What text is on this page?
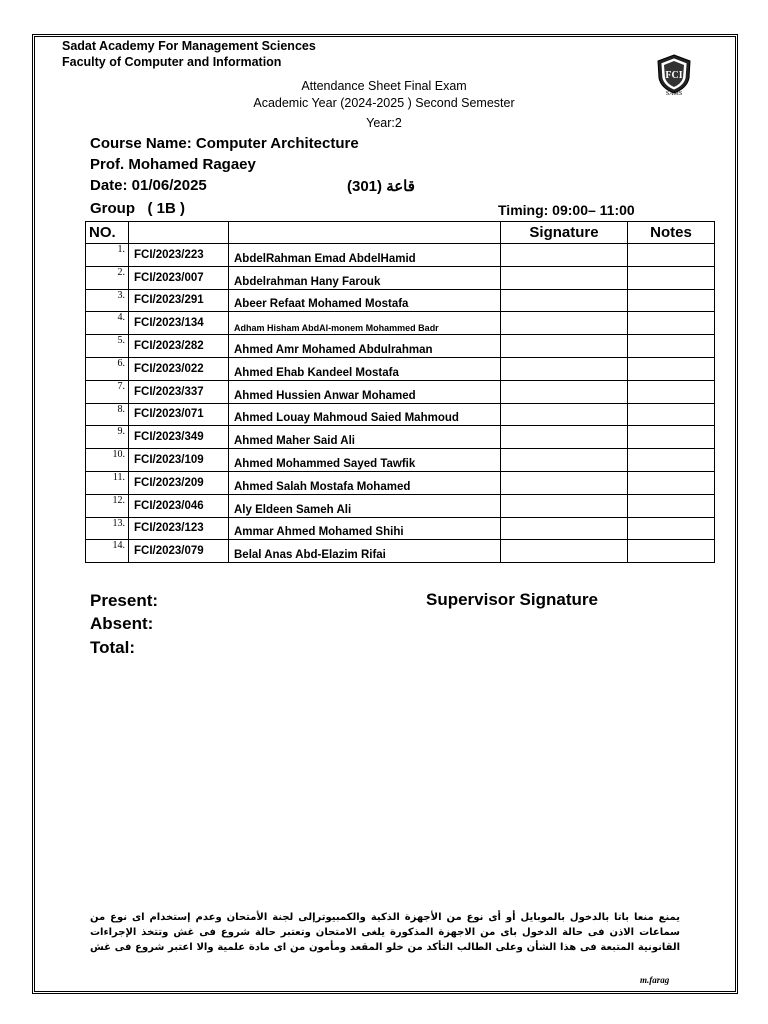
Sadat Academy For Management Sciences
Faculty of Computer and Information
FCI
SAMS
Attendance Sheet Final Exam
Academic Year (2024-2025 ) Second Semester
Year:2
Course Name: Computer Architecture
Prof. Mohamed Ragaey
Date: 01/06/2025	قاعة (301)
Group   ( 1B )	Timing: 09:00– 11:00
NO.			Signature	Notes
1.	FCI/2023/223	AbdelRahman Emad AbdelHamid		
2.	FCI/2023/007	Abdelrahman Hany Farouk		
3.	FCI/2023/291	Abeer Refaat Mohamed Mostafa		
4.	FCI/2023/134	Adham Hisham AbdAl-monem Mohammed Badr		
5.	FCI/2023/282	Ahmed Amr Mohamed Abdulrahman		
6.	FCI/2023/022	Ahmed Ehab Kandeel Mostafa		
7.	FCI/2023/337	Ahmed Hussien Anwar Mohamed		
8.	FCI/2023/071	Ahmed Louay Mahmoud Saied Mahmoud		
9.	FCI/2023/349	Ahmed Maher Said Ali		
10.	FCI/2023/109	Ahmed Mohammed Sayed Tawfik		
11.	FCI/2023/209	Ahmed Salah Mostafa Mohamed		
12.	FCI/2023/046	Aly Eldeen Sameh Ali		
13.	FCI/2023/123	Ammar Ahmed Mohamed Shihi		
14.	FCI/2023/079	Belal Anas Abd-Elazim Rifai		
Present:
Absent:
Total:
Supervisor Signature
يمنع منعا باتا بالدخول بالموبايل أو أى نوع من الأجهزة الذكية والكمبيوترإلى لجنة الأمتحان وعدم إستخدام اى نوع من
سماعات الاذن فى حالة الدخول باى من الاجهزة المذكورة يلغى الامتحان وتعتبر حالة شروع فى غش وتتخذ الإجراءات
القانونية المتبعة فى هذا الشأن وعلى الطالب التأكد من خلو المقعد ومأمون من اى مادة علمية والا اعتبر شروع فى غش
m.farag
